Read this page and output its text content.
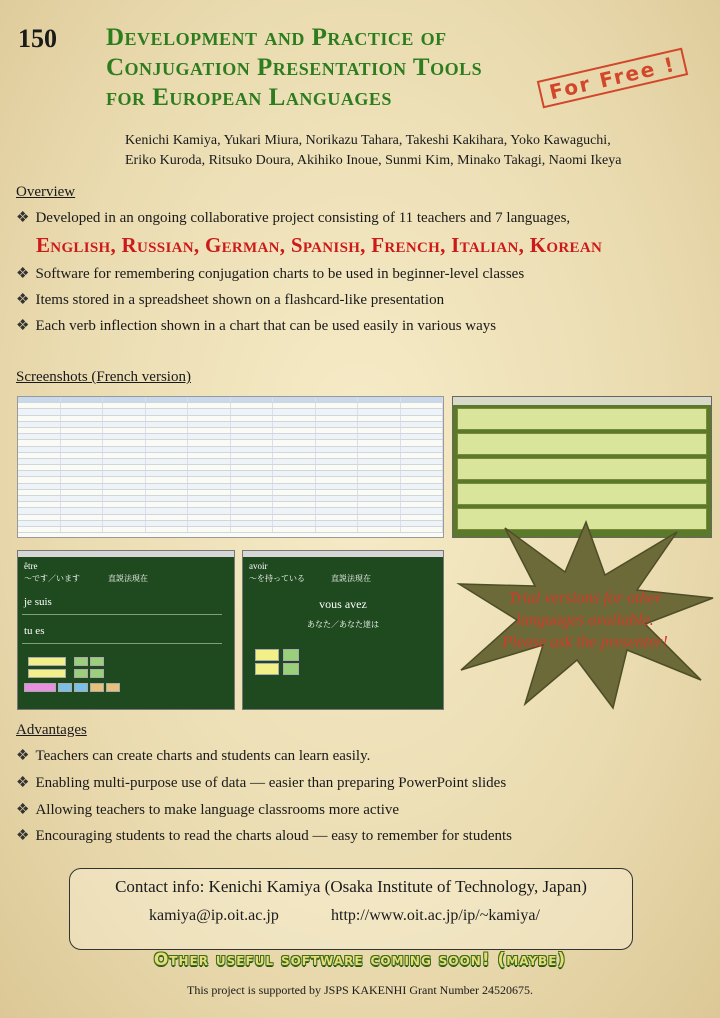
150 Development and Practice of
Conjugation Presentation Tools
for European Languages	For Free !
Kenichi Kamiya, Yukari Miura, Norikazu Tahara, Takeshi Kakihara, Yoko Kawaguchi,
Eriko Kuroda, Ritsuko Doura, Akihiko Inoue, Sunmi Kim, Minako Takagi, Naomi Ikeya
Overview
❖ Developed in an ongoing collaborative project consisting of 11 teachers and 7 languages,
English, Russian, German, Spanish, French, Italian, Korean
❖ Software for remembering conjugation charts to be used in beginner-level classes
❖ Items stored in a spreadsheet shown on a flashcard-like presentation
❖ Each verb inflection shown in a chart that can be used easily in various ways
Screenshots (French version)
être
〜です／います	直説法現在
je suis
tu es
avoir
〜を持っている	直説法現在
vous avez
あなた／あなた達は
Trial versions for other
languages available.
Please ask the presenter!
Advantages
❖ Teachers can create charts and students can learn easily.
❖ Enabling multi-purpose use of data — easier than preparing PowerPoint slides
❖ Allowing teachers to make language classrooms more active
❖ Encouraging students to read the charts aloud — easy to remember for students
Contact info: Kenichi Kamiya (Osaka Institute of Technology, Japan)
kamiya@ip.oit.ac.jp	http://www.oit.ac.jp/ip/~kamiya/
Other useful software coming soon! (maybe)
This project is supported by JSPS KAKENHI Grant Number 24520675.
